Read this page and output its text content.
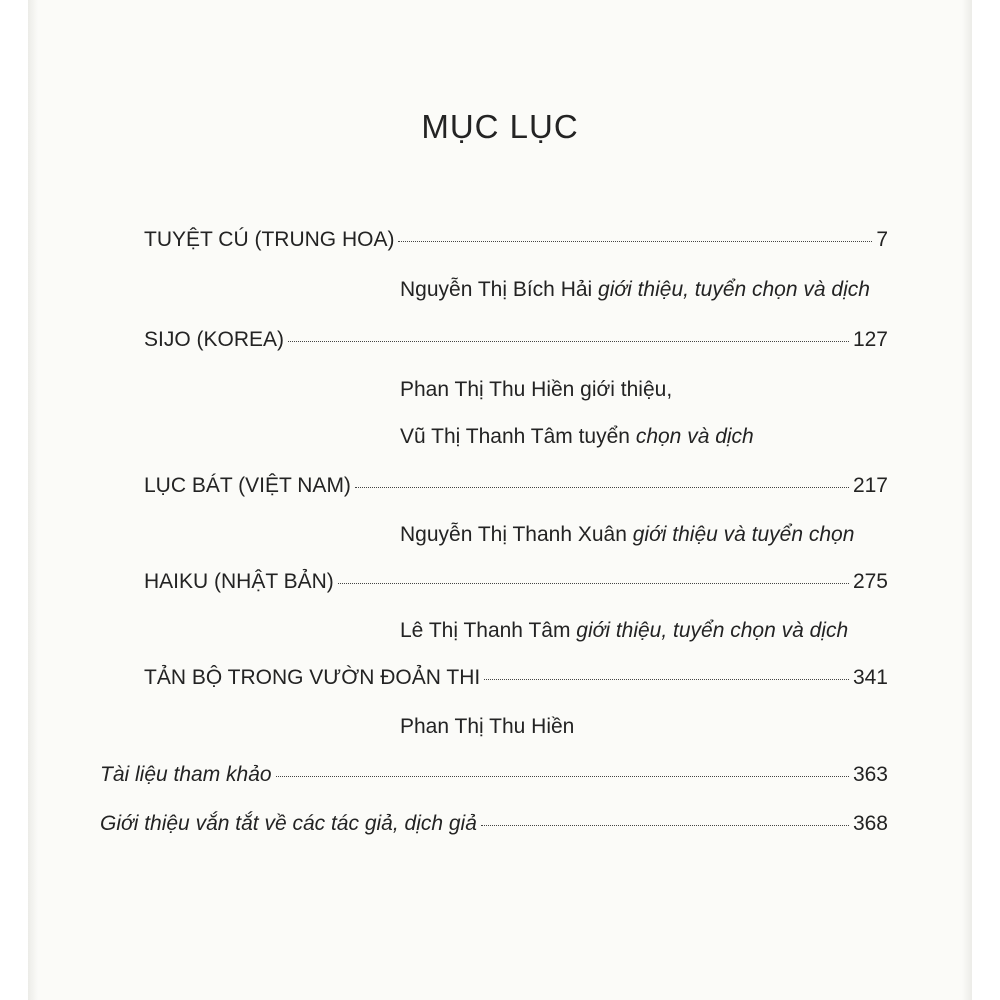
MỤC LỤC
TUYỆT CÚ (TRUNG HOA)	7
Nguyễn Thị Bích Hải giới thiệu, tuyển chọn và dịch
SIJO (KOREA)	127
Phan Thị Thu Hiền giới thiệu,
Vũ Thị Thanh Tâm tuyển chọn và dịch
LỤC BÁT (VIỆT NAM)	217
Nguyễn Thị Thanh Xuân giới thiệu và tuyển chọn
HAIKU (NHẬT BẢN)	275
Lê Thị Thanh Tâm giới thiệu, tuyển chọn và dịch
TẢN BỘ TRONG VƯỜN ĐOẢN THI	341
Phan Thị Thu Hiền
Tài liệu tham khảo	363
Giới thiệu vắn tắt về các tác giả, dịch giả	368
